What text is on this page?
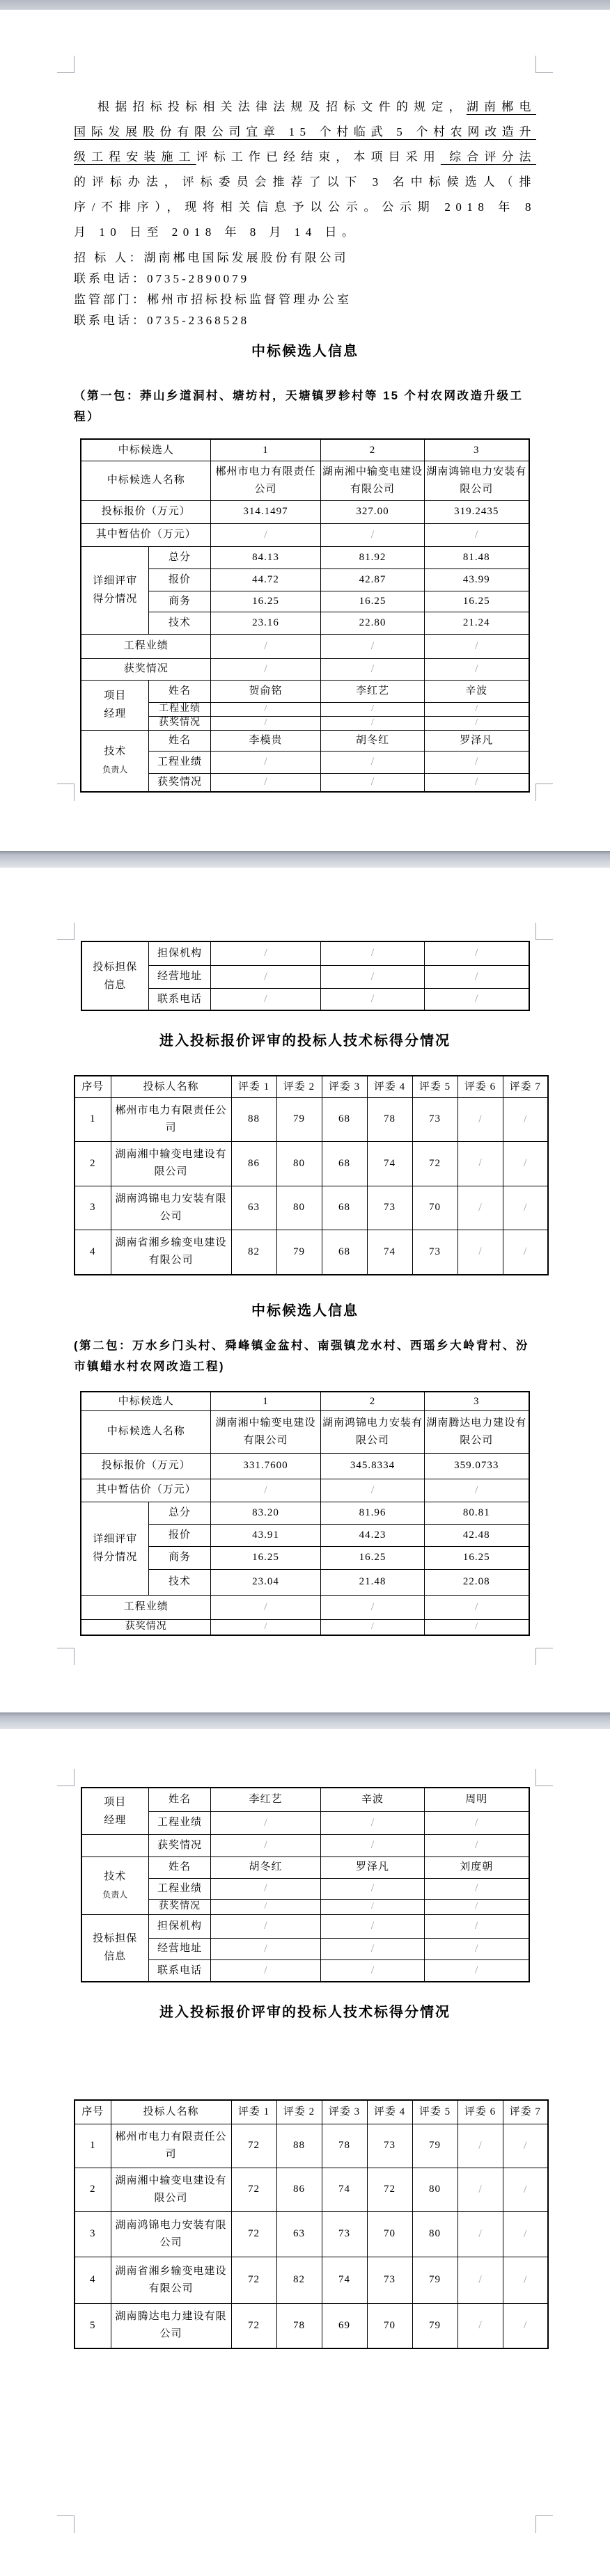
根据招标投标相关法律法规及招标文件的规定，湖南郴电国际发展股份有限公司宜章 15 个村临武 5 个村农网改造升级工程安装施工评标工作已经结束，本项目采用 综合评分法 的评标办法，评标委员会推荐了以下 3 名中标候选人（排序/不排序），现将相关信息予以公示。公示期 2018 年 8 月 10 日至 2018 年 8 月 14 日。

招 标 人：湖南郴电国际发展股份有限公司
联系电话：0735-2890079
监管部门：郴州市招标投标监督管理办公室
联系电话：0735-2368528
中标候选人信息
（第一包：莽山乡道洞村、塘坊村，天塘镇罗轸村等 15 个村农网改造升级工程）
中标候选人		1	2	3
中标候选人名称		郴州市电力有限责任公司	湖南湘中输变电建设有限公司	湖南鸿锦电力安装有限公司
投标报价（万元）		314.1497	327.00	319.2435
其中暂估价（万元）		/	/	/
详细评审
得分情况	总分	84.13	81.92	81.48
	报价	44.72	42.87	43.99
	商务	16.25	16.25	16.25
	技术	23.16	22.80	21.24
工程业绩		/	/	/
获奖情况		/	/	/
项目
经理	姓名	贺俞铭	李红艺	辛波
	工程业绩	/	/	/
	获奖情况	/	/	/
技术
负责人	姓名	李模贵	胡冬红	罗泽凡
	工程业绩	/	/	/
	获奖情况	/	/	/
投标担保
信息	担保机构	/	/	/
	经营地址	/	/	/
	联系电话	/	/	/
进入投标报价评审的投标人技术标得分情况
序号	投标人名称	评委 1	评委 2	评委 3	评委 4	评委 5	评委 6	评委 7
1	郴州市电力有限责任公司	88	79	68	78	73	/	/
2	湖南湘中输变电建设有限公司	86	80	68	74	72	/	/
3	湖南鸿锦电力安装有限公司	63	80	68	73	70	/	/
4	湖南省湘乡输变电建设有限公司	82	79	68	74	73	/	/
中标候选人信息
(第二包：万水乡门头村、舜峰镇金盆村、南强镇龙水村、西瑶乡大岭背村、汾
市镇蜡水村农网改造工程)
中标候选人		1	2	3
中标候选人名称		湖南湘中输变电建设有限公司	湖南鸿锦电力安装有限公司	湖南腾达电力建设有限公司
投标报价（万元）		331.7600	345.8334	359.0733
其中暂估价（万元）		/	/	/
详细评审
得分情况	总分	83.20	81.96	80.81
	报价	43.91	44.23	42.48
	商务	16.25	16.25	16.25
	技术	23.04	21.48	22.08
工程业绩		/	/	/
获奖情况		/	/	/
项目
经理	姓名	李红艺	辛波	周明
	工程业绩	/	/	/
	获奖情况	/	/	/
技术
负责人	姓名	胡冬红	罗泽凡	刘度朝
	工程业绩	/	/	/
	获奖情况	/	/	/
投标担保
信息	担保机构	/	/	/
	经营地址	/	/	/
	联系电话	/	/	/
进入投标报价评审的投标人技术标得分情况
序号	投标人名称	评委 1	评委 2	评委 3	评委 4	评委 5	评委 6	评委 7
1	郴州市电力有限责任公司	72	88	78	73	79	/	/
2	湖南湘中输变电建设有限公司	72	86	74	72	80	/	/
3	湖南鸿锦电力安装有限公司	72	63	73	70	80	/	/
4	湖南省湘乡输变电建设有限公司	72	82	74	73	79	/	/
5	湖南腾达电力建设有限公司	72	78	69	70	79	/	/
